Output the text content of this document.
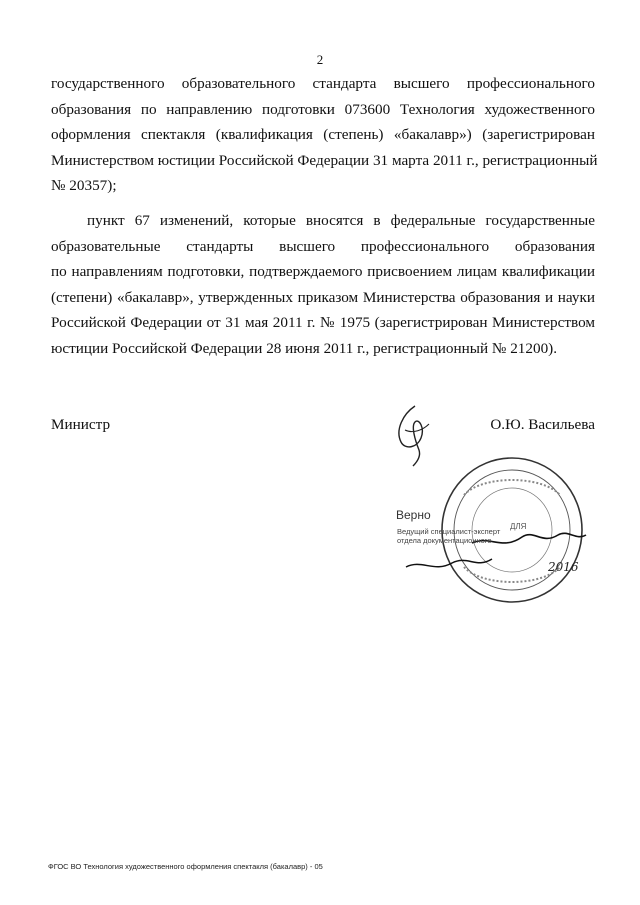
2
государственного образовательного стандарта высшего профессионального
образования по направлению подготовки 073600 Технология художественного
оформления спектакля (квалификация (степень) «бакалавр») (зарегистрирован
Министерством юстиции Российской Федерации 31 марта 2011 г., регистрационный
№ 20357);
пункт 67 изменений, которые вносятся в федеральные государственные
образовательные стандарты высшего профессионального образования
по направлениям подготовки, подтверждаемого присвоением лицам квалификации
(степени) «бакалавр», утвержденных приказом Министерства образования и науки
Российской Федерации от 31 мая 2011 г. № 1975 (зарегистрирован Министерством
юстиции Российской Федерации 28 июня 2011 г., регистрационный № 21200).
Министр	О.Ю. Васильева
ДЛЯ
2016
Верно
Ведущий специалист-эксперт отдела документационного
ФГОС ВО Технология художественного оформления спектакля (бакалавр) - 05
